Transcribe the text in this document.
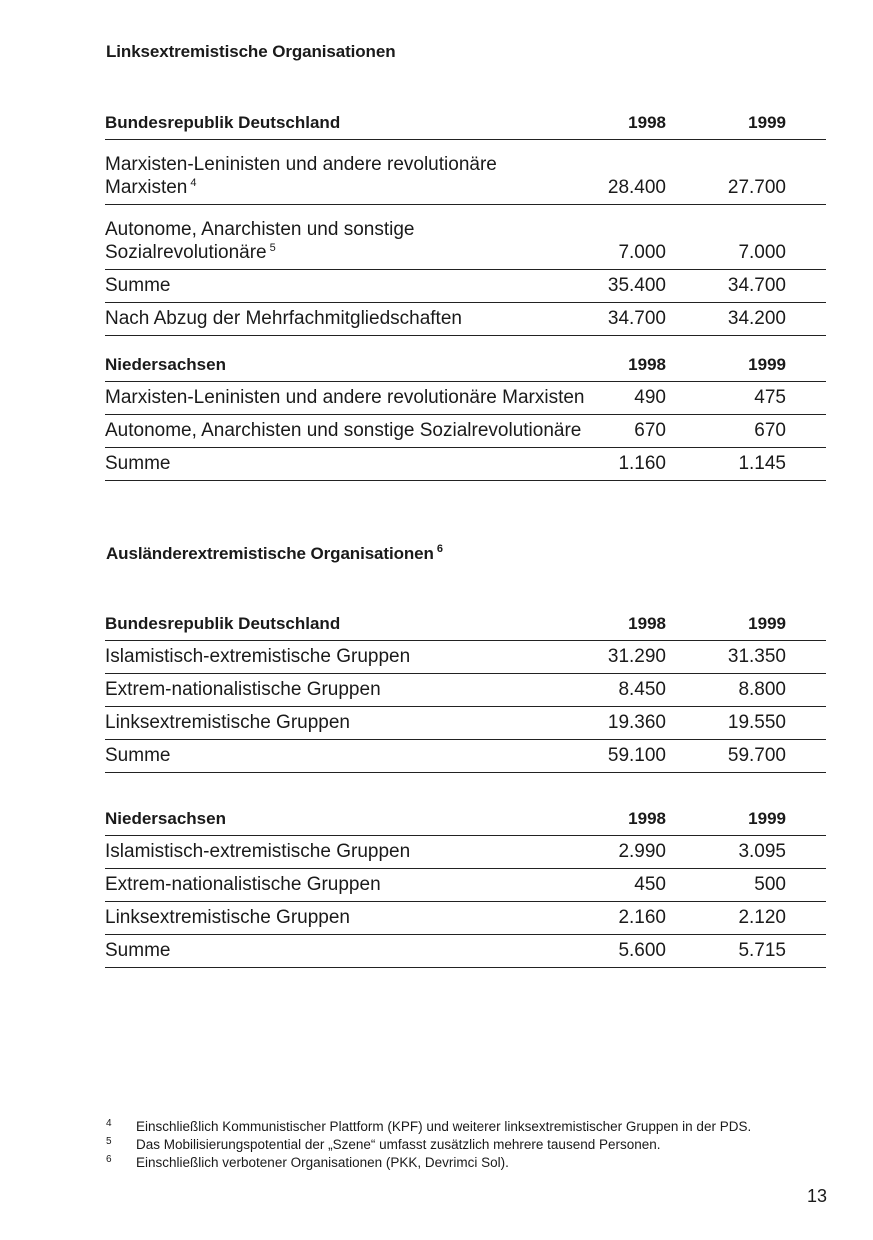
Linksextremistische Organisationen
Bundesrepublik Deutschland	1998	1999
Marxisten-Leninisten und andere revolutionäre
Marxisten $^4$	28.400	27.700
Autonome, Anarchisten und sonstige
Sozialrevolutionäre $^5$	7.000	7.000
Summe	35.400	34.700
Nach Abzug der Mehrfachmitgliedschaften	34.700	34.200
Niedersachsen	1998	1999
Marxisten-Leninisten und andere revolutionäre Marxisten	490	475
Autonome, Anarchisten und sonstige Sozialrevolutionäre	670	670
Summe	1.160	1.145
Ausländerextremistische Organisationen $^6$
Bundesrepublik Deutschland	1998	1999
Islamistisch-extremistische Gruppen	31.290	31.350
Extrem-nationalistische Gruppen	8.450	8.800
Linksextremistische Gruppen	19.360	19.550
Summe	59.100	59.700
Niedersachsen	1998	1999
Islamistisch-extremistische Gruppen	2.990	3.095
Extrem-nationalistische Gruppen	450	500
Linksextremistische Gruppen	2.160	2.120
Summe	5.600	5.715
4	Einschließlich Kommunistischer Plattform (KPF) und weiterer linksextremistischer Gruppen in der PDS.
5	Das Mobilisierungspotential der „Szene“ umfasst zusätzlich mehrere tausend Personen.
6	Einschließlich verbotener Organisationen (PKK, Devrimci Sol).
13
